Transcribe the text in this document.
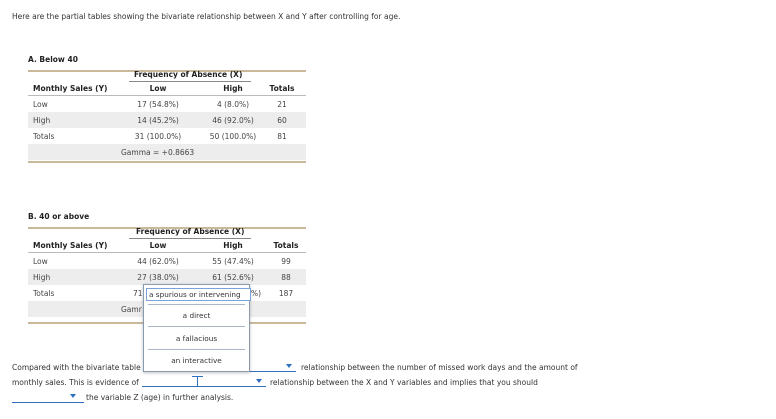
Here are the partial tables showing the bivariate relationship between X and Y after controlling for age.
A. Below 40
Frequency of Absence (X)
Monthly Sales (Y)	Low	High	Totals
Low	17 (54.8%)	4 (8.0%)	21
High	14 (45.2%)	46 (92.0%)	60
Totals	31 (100.0%)	50 (100.0%)	81
Gamma = +0.8663
B. 40 or above
Frequency of Absence (X)
Monthly Sales (Y)	Low	High	Totals
Low	44 (62.0%)	55 (47.4%)	99
High	27 (38.0%)	61 (52.6%)	88
Totals	71	%)	187
Gamr
a spurious or intervening
a direct
a fallacious
an interactive
Compared with the bivariate table	relationship between the number of missed work days and the amount of
monthly sales. This is evidence of	relationship between the X and Y variables and implies that you should
the variable Z (age) in further analysis.
